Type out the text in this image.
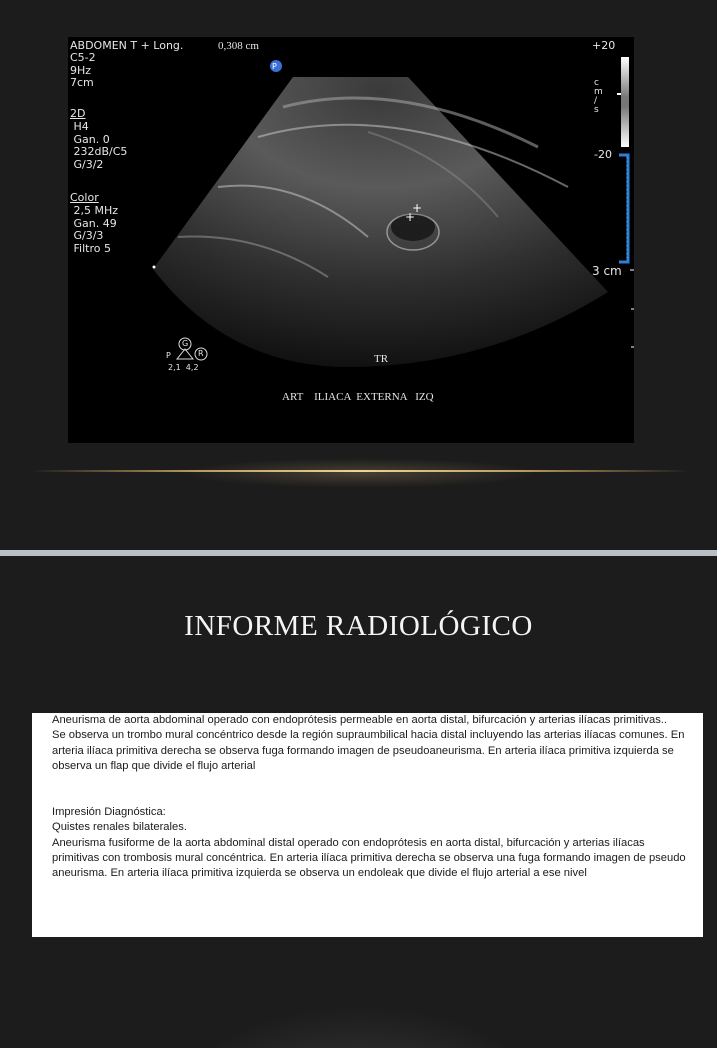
+
+
ABDOMEN T + Long.	0,308 cm
C5-2
9Hz
7cm
2D
H4
Gan. 0
232dB/C5
G/3/2
Color
2,5 MHz
Gan. 49
G/3/3
Filtro 5
P
+20
c
m
/
s
-20
3 cm
G
P	R
2,1  4,2
TR
ART    ILIACA  EXTERNA   IZQ
INFORME RADIOLÓGICO

Aneurisma de aorta abdominal operado con endoprótesis permeable en aorta distal, bifurcación y arterias ilíacas primitivas..

Se observa un trombo mural concéntrico desde la región supraumbilical hacia distal incluyendo las arterias ilíacas comunes. En arteria ilíaca primitiva derecha se observa fuga formando imagen de pseudoaneurisma. En arteria ilíaca primitiva izquierda se observa un flap que divide el flujo arterial

Impresión Diagnóstica:

Quistes renales bilaterales.

Aneurisma fusiforme de la aorta abdominal distal operado con endoprótesis en aorta distal, bifurcación y arterias ilíacas primitivas con trombosis mural concéntrica. En arteria ilíaca primitiva derecha se observa una fuga formando imagen de pseudo aneurisma. En arteria ilíaca primitiva izquierda se observa un endoleak que divide el flujo arterial a ese nivel
